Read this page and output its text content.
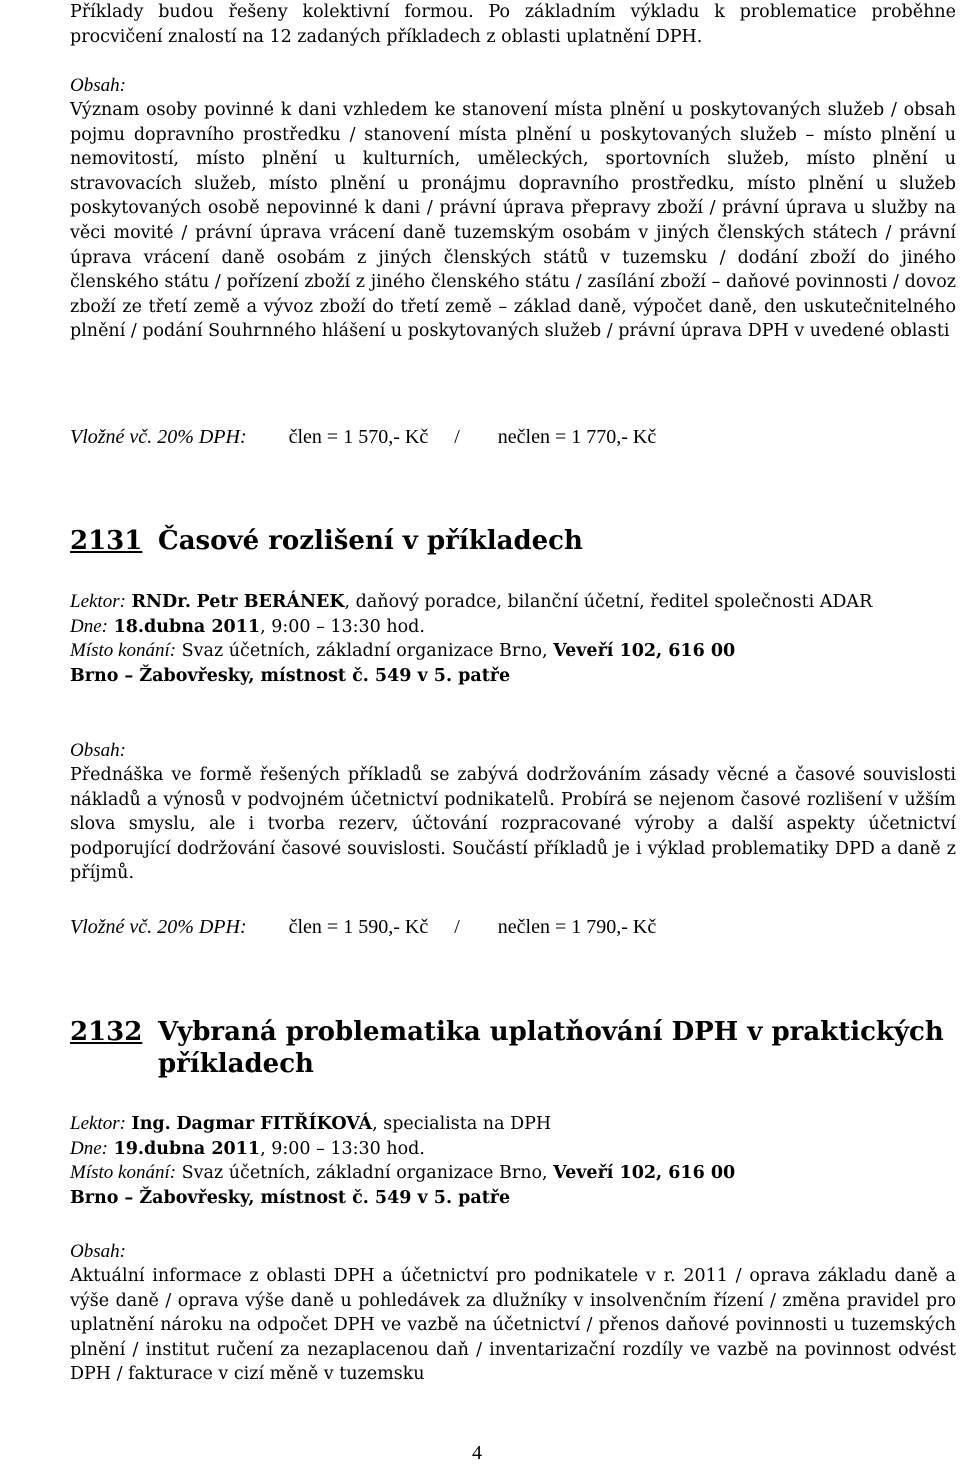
Příklady budou řešeny kolektivní formou. Po základním výkladu k problematice proběhne procvičení znalostí na 12 zadaných příkladech z oblasti uplatnění DPH.

Obsah:

Význam osoby povinné k dani vzhledem ke stanovení místa plnění u poskytovaných služeb / obsah pojmu dopravního prostředku / stanovení místa plnění u poskytovaných služeb – místo plnění u nemovitostí, místo plnění u kulturních, uměleckých, sportovních služeb, místo plnění u stravovacích služeb, místo plnění u pronájmu dopravního prostředku, místo plnění u služeb poskytovaných osobě nepovinné k dani / právní úprava přepravy zboží / právní úprava u služby na věci movité / právní úprava vrácení daně tuzemským osobám v jiných členských státech / právní úprava vrácení daně osobám z jiných členských států v tuzemsku / dodání zboží do jiného členského státu / pořízení zboží z jiného členského státu / zasílání zboží – daňové povinnosti / dovoz zboží ze třetí země a vývoz zboží do třetí země – základ daně, výpočet daně, den uskutečnitelného plnění / podání Souhrnného hlášení u poskytovaných služeb / právní úprava DPH v uvedené oblasti

Vložné vč. 20% DPH: člen = 1 570,- Kč / nečlen = 1 770,- Kč
2131 Časové rozlišení v příkladech

Lektor: RNDr. Petr BERÁNEK, daňový poradce, bilanční účetní, ředitel společnosti ADAR

Dne: 18.dubna 2011, 9:00 – 13:30 hod.

Místo konání: Svaz účetních, základní organizace Brno, Veveří 102, 616 00

Brno – Žabovřesky, místnost č. 549 v 5. patře

Obsah:

Přednáška ve formě řešených příkladů se zabývá dodržováním zásady věcné a časové souvislosti nákladů a výnosů v podvojném účetnictví podnikatelů. Probírá se nejenom časové rozlišení v užším slova smyslu, ale i tvorba rezerv, účtování rozpracované výroby a další aspekty účetnictví podporující dodržování časové souvislosti. Součástí příkladů je i výklad problematiky DPD a daně z příjmů.

Vložné vč. 20% DPH: člen = 1 590,- Kč / nečlen = 1 790,- Kč
2132 Vybraná problematika uplatňování DPH v praktických příkladech

Lektor: Ing. Dagmar FITŘÍKOVÁ, specialista na DPH

Dne: 19.dubna 2011, 9:00 – 13:30 hod.

Místo konání: Svaz účetních, základní organizace Brno, Veveří 102, 616 00

Brno – Žabovřesky, místnost č. 549 v 5. patře

Obsah:

Aktuální informace z oblasti DPH a účetnictví pro podnikatele v r. 2011 / oprava základu daně a výše daně / oprava výše daně u pohledávek za dlužníky v insolvenčním řízení / změna pravidel pro uplatnění nároku na odpočet DPH ve vazbě na účetnictví / přenos daňové povinnosti u tuzemských plnění / institut ručení za nezaplacenou daň / inventarizační rozdíly ve vazbě na povinnost odvést DPH / fakturace v cizí měně v tuzemsku

4
